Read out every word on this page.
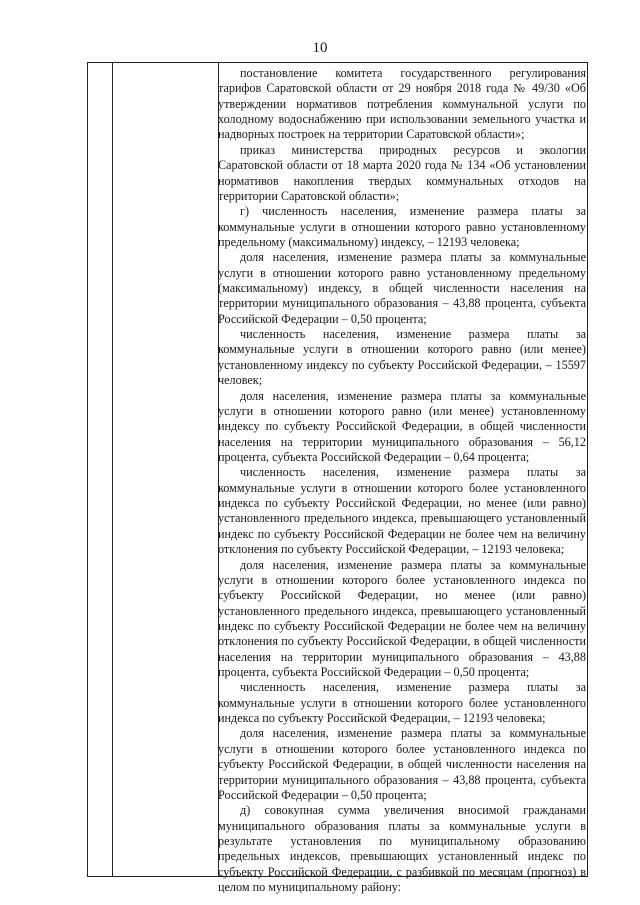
10

постановление комитета государственного регулирования тарифов Саратовской области от 29 ноября 2018 года № 49/30 «Об утверждении нормативов потребления коммунальной услуги по холодному водоснабжению при использовании земельного участка и надворных построек на территории Саратовской области»;

приказ министерства природных ресурсов и экологии Саратовской области от 18 марта 2020 года № 134 «Об установлении нормативов накопления твердых коммунальных отходов на территории Саратовской области»;

г) численность населения, изменение размера платы за коммунальные услуги в отношении которого равно установленному предельному (максимальному) индексу, – 12193 человека;

доля населения, изменение размера платы за коммунальные услуги в отношении которого равно установленному предельному (максимальному) индексу, в общей численности населения на территории муниципального образования – 43,88 процента, субъекта Российской Федерации – 0,50 процента;

численность населения, изменение размера платы за коммунальные услуги в отношении которого равно (или менее) установленному индексу по субъекту Российской Федерации, – 15597 человек;

доля населения, изменение размера платы за коммунальные услуги в отношении которого равно (или менее) установленному индексу по субъекту Российской Федерации, в общей численности населения на территории муниципального образования – 56,12 процента, субъекта Российской Федерации – 0,64 процента;

численность населения, изменение размера платы за коммунальные услуги в отношении которого более установленного индекса по субъекту Российской Федерации, но менее (или равно) установленного предельного индекса, превышающего установленный индекс по субъекту Российской Федерации не более чем на величину отклонения по субъекту Российской Федерации, – 12193 человека;

доля населения, изменение размера платы за коммунальные услуги в отношении которого более установленного индекса по субъекту Российской Федерации, но менее (или равно) установленного предельного индекса, превышающего установленный индекс по субъекту Российской Федерации не более чем на величину отклонения по субъекту Российской Федерации, в общей численности населения на территории муниципального образования – 43,88 процента, субъекта Российской Федерации – 0,50 процента;

численность населения, изменение размера платы за коммунальные услуги в отношении которого более установленного индекса по субъекту Российской Федерации, – 12193 человека;

доля населения, изменение размера платы за коммунальные услуги в отношении которого более установленного индекса по субъекту Российской Федерации, в общей численности населения на территории муниципального образования – 43,88 процента, субъекта Российской Федерации – 0,50 процента;

д) совокупная сумма увеличения вносимой гражданами муниципального образования платы за коммунальные услуги в результате установления по муниципальному образованию предельных индексов, превышающих установленный индекс по субъекту Российской Федерации, с разбивкой по месяцам (прогноз) в целом по муниципальному району:
